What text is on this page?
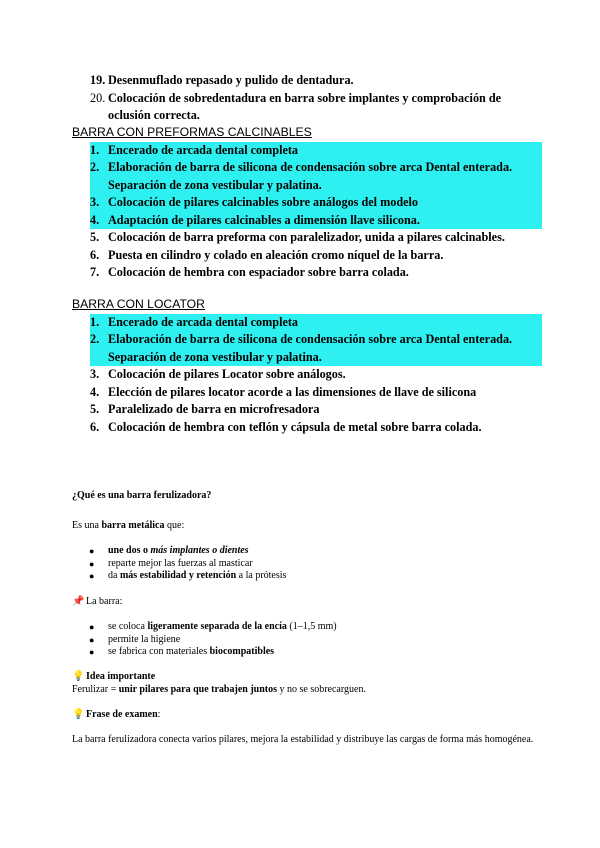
19. Desenmuflado repasado y pulido de dentadura.
20. Colocación de sobredentadura en barra sobre implantes y comprobación de oclusión correcta.
BARRA CON PREFORMAS CALCINABLES
1. Encerado de arcada dental completa
2. Elaboración de barra de silicona de condensación sobre arca Dental enterada. Separación de zona vestibular y palatina.
3. Colocación de pilares calcinables sobre análogos del modelo
4. Adaptación de pilares calcinables a dimensión llave silicona.
5. Colocación de barra preforma con paralelizador, unida a pilares calcinables.
6. Puesta en cilindro y colado en aleación cromo níquel de la barra.
7. Colocación de hembra con espaciador sobre barra colada.
BARRA CON LOCATOR
1. Encerado de arcada dental completa
2. Elaboración de barra de silicona de condensación sobre arca Dental enterada. Separación de zona vestibular y palatina.
3. Colocación de pilares Locator sobre análogos.
4. Elección de pilares locator acorde a las dimensiones de llave de silicona
5. Paralelizado de barra en microfresadora
6. Colocación de hembra con teflón y cápsula de metal sobre barra colada.
¿Qué es una barra ferulizadora?
Es una barra metálica que:
● une dos o más implantes o dientes
● reparte mejor las fuerzas al masticar
● da más estabilidad y retención a la prótesis
📌 La barra:
● se coloca ligeramente separada de la encía (1–1,5 mm)
● permite la higiene
● se fabrica con materiales biocompatibles
💡 Idea importante
Ferulizar = unir pilares para que trabajen juntos y no se sobrecarguen.
💡 Frase de examen:
La barra ferulizadora conecta varios pilares, mejora la estabilidad y distribuye las cargas de forma más homogénea.
